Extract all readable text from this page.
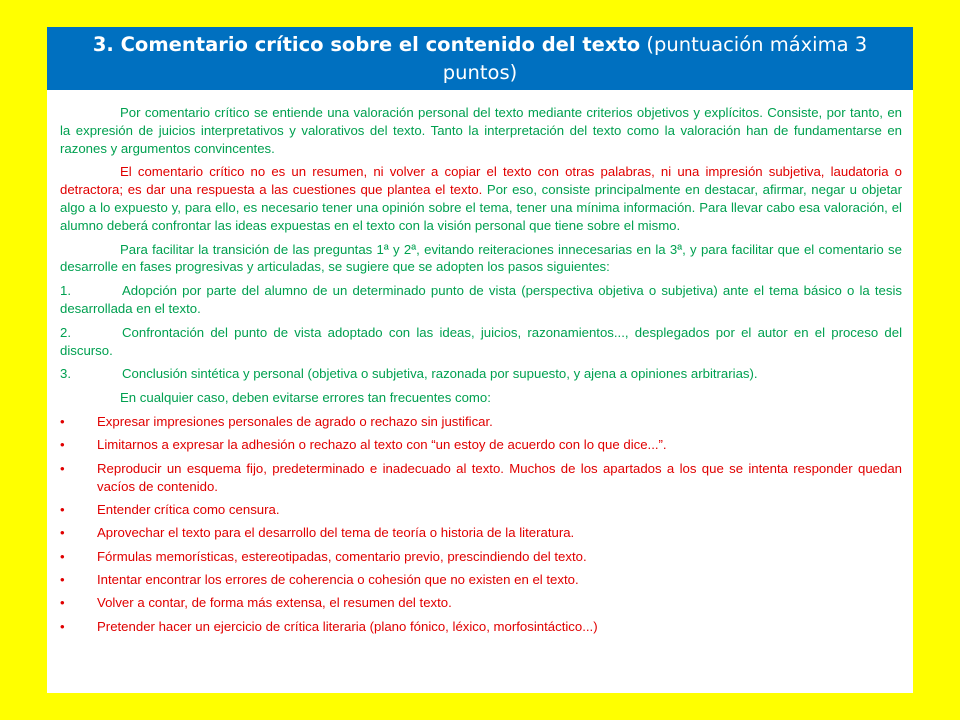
3. Comentario crítico sobre el contenido del texto (puntuación máxima 3 puntos)

Por comentario crítico se entiende una valoración personal del texto mediante criterios objetivos y explícitos. Consiste, por tanto, en la expresión de juicios interpretativos y valorativos del texto. Tanto la interpretación del texto como la valoración han de fundamentarse en razones y argumentos convincentes.

El comentario crítico no es un resumen, ni volver a copiar el texto con otras palabras, ni una impresión subjetiva, laudatoria o detractora; es dar una respuesta a las cuestiones que plantea el texto. Por eso, consiste principalmente en destacar, afirmar, negar u objetar algo a lo expuesto y, para ello, es necesario tener una opinión sobre el tema, tener una mínima información. Para llevar cabo esa valoración, el alumno deberá confrontar las ideas expuestas en el texto con la visión personal que tiene sobre el mismo.

Para facilitar la transición de las preguntas 1ª y 2ª, evitando reiteraciones innecesarias en la 3ª, y para facilitar que el comentario se desarrolle en fases progresivas y articuladas, se sugiere que se adopten los pasos siguientes:

1.	Adopción por parte del alumno de un determinado punto de vista (perspectiva objetiva o subjetiva) ante el tema básico o la tesis desarrollada en el texto.

2.	Confrontación del punto de vista adoptado con las ideas, juicios, razonamientos..., desplegados por el autor en el proceso del discurso.

3.	Conclusión sintética y personal (objetiva o subjetiva, razonada por supuesto, y ajena a opiniones arbitrarias).

En cualquier caso, deben evitarse errores tan frecuentes como:

•	Expresar impresiones personales de agrado o rechazo sin justificar.
•	Limitarnos a expresar la adhesión o rechazo al texto con “un estoy de acuerdo con lo que dice...”.
•	Reproducir un esquema fijo, predeterminado e inadecuado al texto. Muchos de los apartados a los que se intenta responder quedan vacíos de contenido.
•	Entender crítica como censura.
•	Aprovechar el texto para el desarrollo del tema de teoría o historia de la literatura.
•	Fórmulas memorísticas, estereotipadas, comentario previo, prescindiendo del texto.
•	Intentar encontrar los errores de coherencia o cohesión que no existen en el texto.
•	Volver a contar, de forma más extensa, el resumen del texto.
•	Pretender hacer un ejercicio de crítica literaria (plano fónico, léxico, morfosintáctico...)
